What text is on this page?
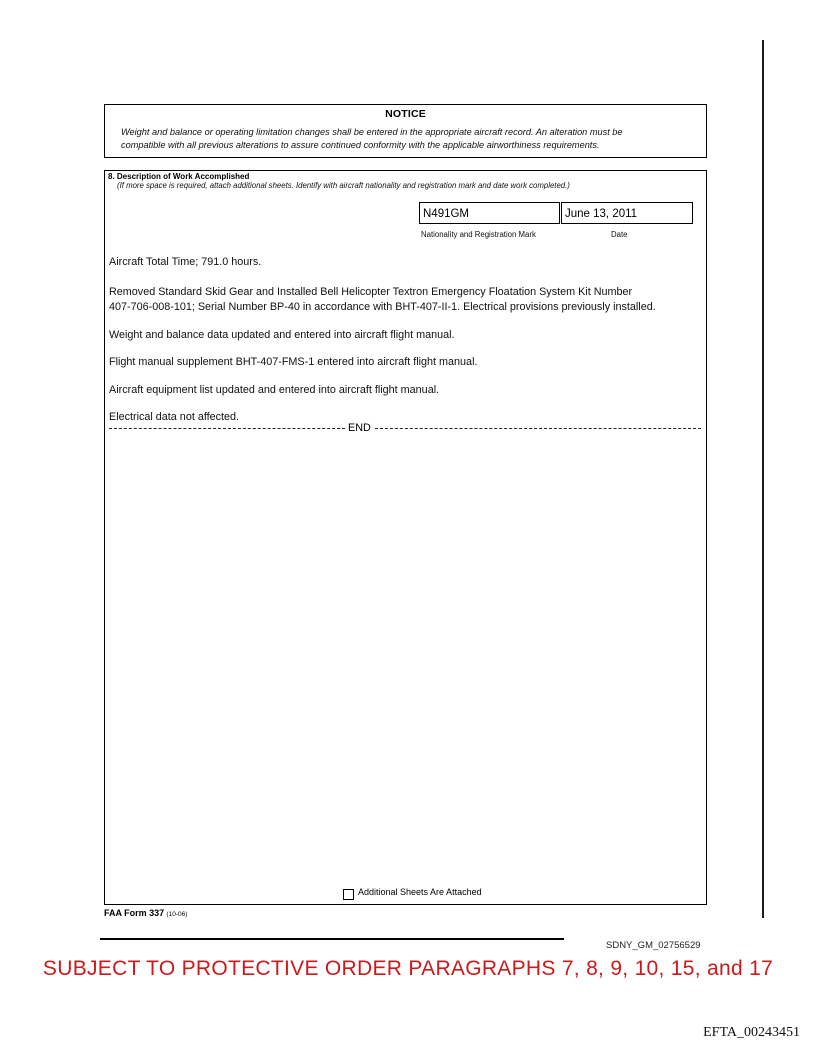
NOTICE
Weight and balance or operating limitation changes shall be entered in the appropriate aircraft record. An alteration must be
compatible with all previous alterations to assure continued conformity with the applicable airworthiness requirements.
8. Description of Work Accomplished
(If more space is required, attach additional sheets. Identify with aircraft nationality and registration mark and date work completed.)
N491GM	June 13, 2011
Nationality and Registration Mark	Date
Aircraft Total Time; 791.0 hours.
Removed Standard Skid Gear and Installed Bell Helicopter Textron Emergency Floatation System Kit Number
407-706-008-101; Serial Number BP-40 in accordance with BHT-407-II-1. Electrical provisions previously installed.
Weight and balance data updated and entered into aircraft flight manual.
Flight manual supplement BHT-407-FMS-1 entered into aircraft flight manual.
Aircraft equipment list updated and entered into aircraft flight manual.
Electrical data not affected.
END
Additional Sheets Are Attached
FAA Form 337 (10-06)
SDNY_GM_02756529
SUBJECT TO PROTECTIVE ORDER PARAGRAPHS 7, 8, 9, 10, 15, and 17
EFTA_00243451
